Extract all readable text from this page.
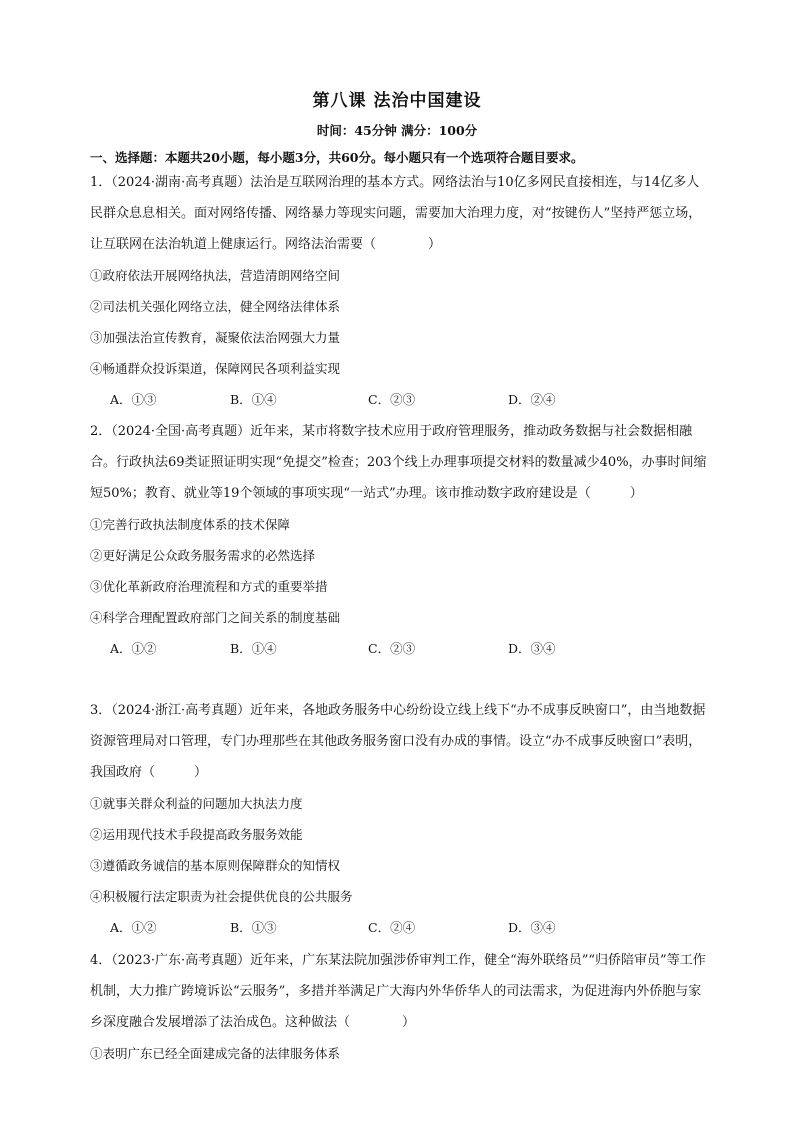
第八课 法治中国建设
时间：45分钟 满分：100分
一、选择题：本题共20小题，每小题3分，共60分。每小题只有一个选项符合题目要求。

1．（2024·湖南·高考真题）法治是互联网治理的基本方式。网络法治与10亿多网民直接相连，与14亿多人民群众息息相关。面对网络传播、网络暴力等现实问题，需要加大治理力度，对“按键伤人”坚持严惩立场，让互联网在法治轨道上健康运行。网络法治需要（　　　　）

①政府依法开展网络执法，营造清朗网络空间

②司法机关强化网络立法，健全网络法律体系

③加强法治宣传教育，凝聚依法治网强大力量

④畅通群众投诉渠道，保障网民各项利益实现

A．①③	B．①④	C．②③	D．②④

2．（2024·全国·高考真题）近年来，某市将数字技术应用于政府管理服务，推动政务数据与社会数据相融合。行政执法69类证照证明实现“免提交”检查；203个线上办理事项提交材料的数量减少40%，办事时间缩短50%；教育、就业等19个领域的事项实现“一站式”办理。该市推动数字政府建设是（　　　）

①完善行政执法制度体系的技术保障

②更好满足公众政务服务需求的必然选择

③优化革新政府治理流程和方式的重要举措

④科学合理配置政府部门之间关系的制度基础

A．①②	B．①④	C．②③	D．③④

3．（2024·浙江·高考真题）近年来，各地政务服务中心纷纷设立线上线下“办不成事反映窗口”，由当地数据资源管理局对口管理，专门办理那些在其他政务服务窗口没有办成的事情。设立“办不成事反映窗口”表明，我国政府（　　　）

①就事关群众利益的问题加大执法力度

②运用现代技术手段提高政务服务效能

③遵循政务诚信的基本原则保障群众的知情权

④积极履行法定职责为社会提供优良的公共服务

A．①②	B．①③	C．②④	D．③④

4．（2023·广东·高考真题）近年来，广东某法院加强涉侨审判工作，健全“海外联络员”“归侨陪审员”等工作机制，大力推广跨境诉讼“云服务”，多措并举满足广大海内外华侨华人的司法需求，为促进海内外侨胞与家乡深度融合发展增添了法治成色。这种做法（　　　　）

①表明广东已经全面建成完备的法律服务体系
